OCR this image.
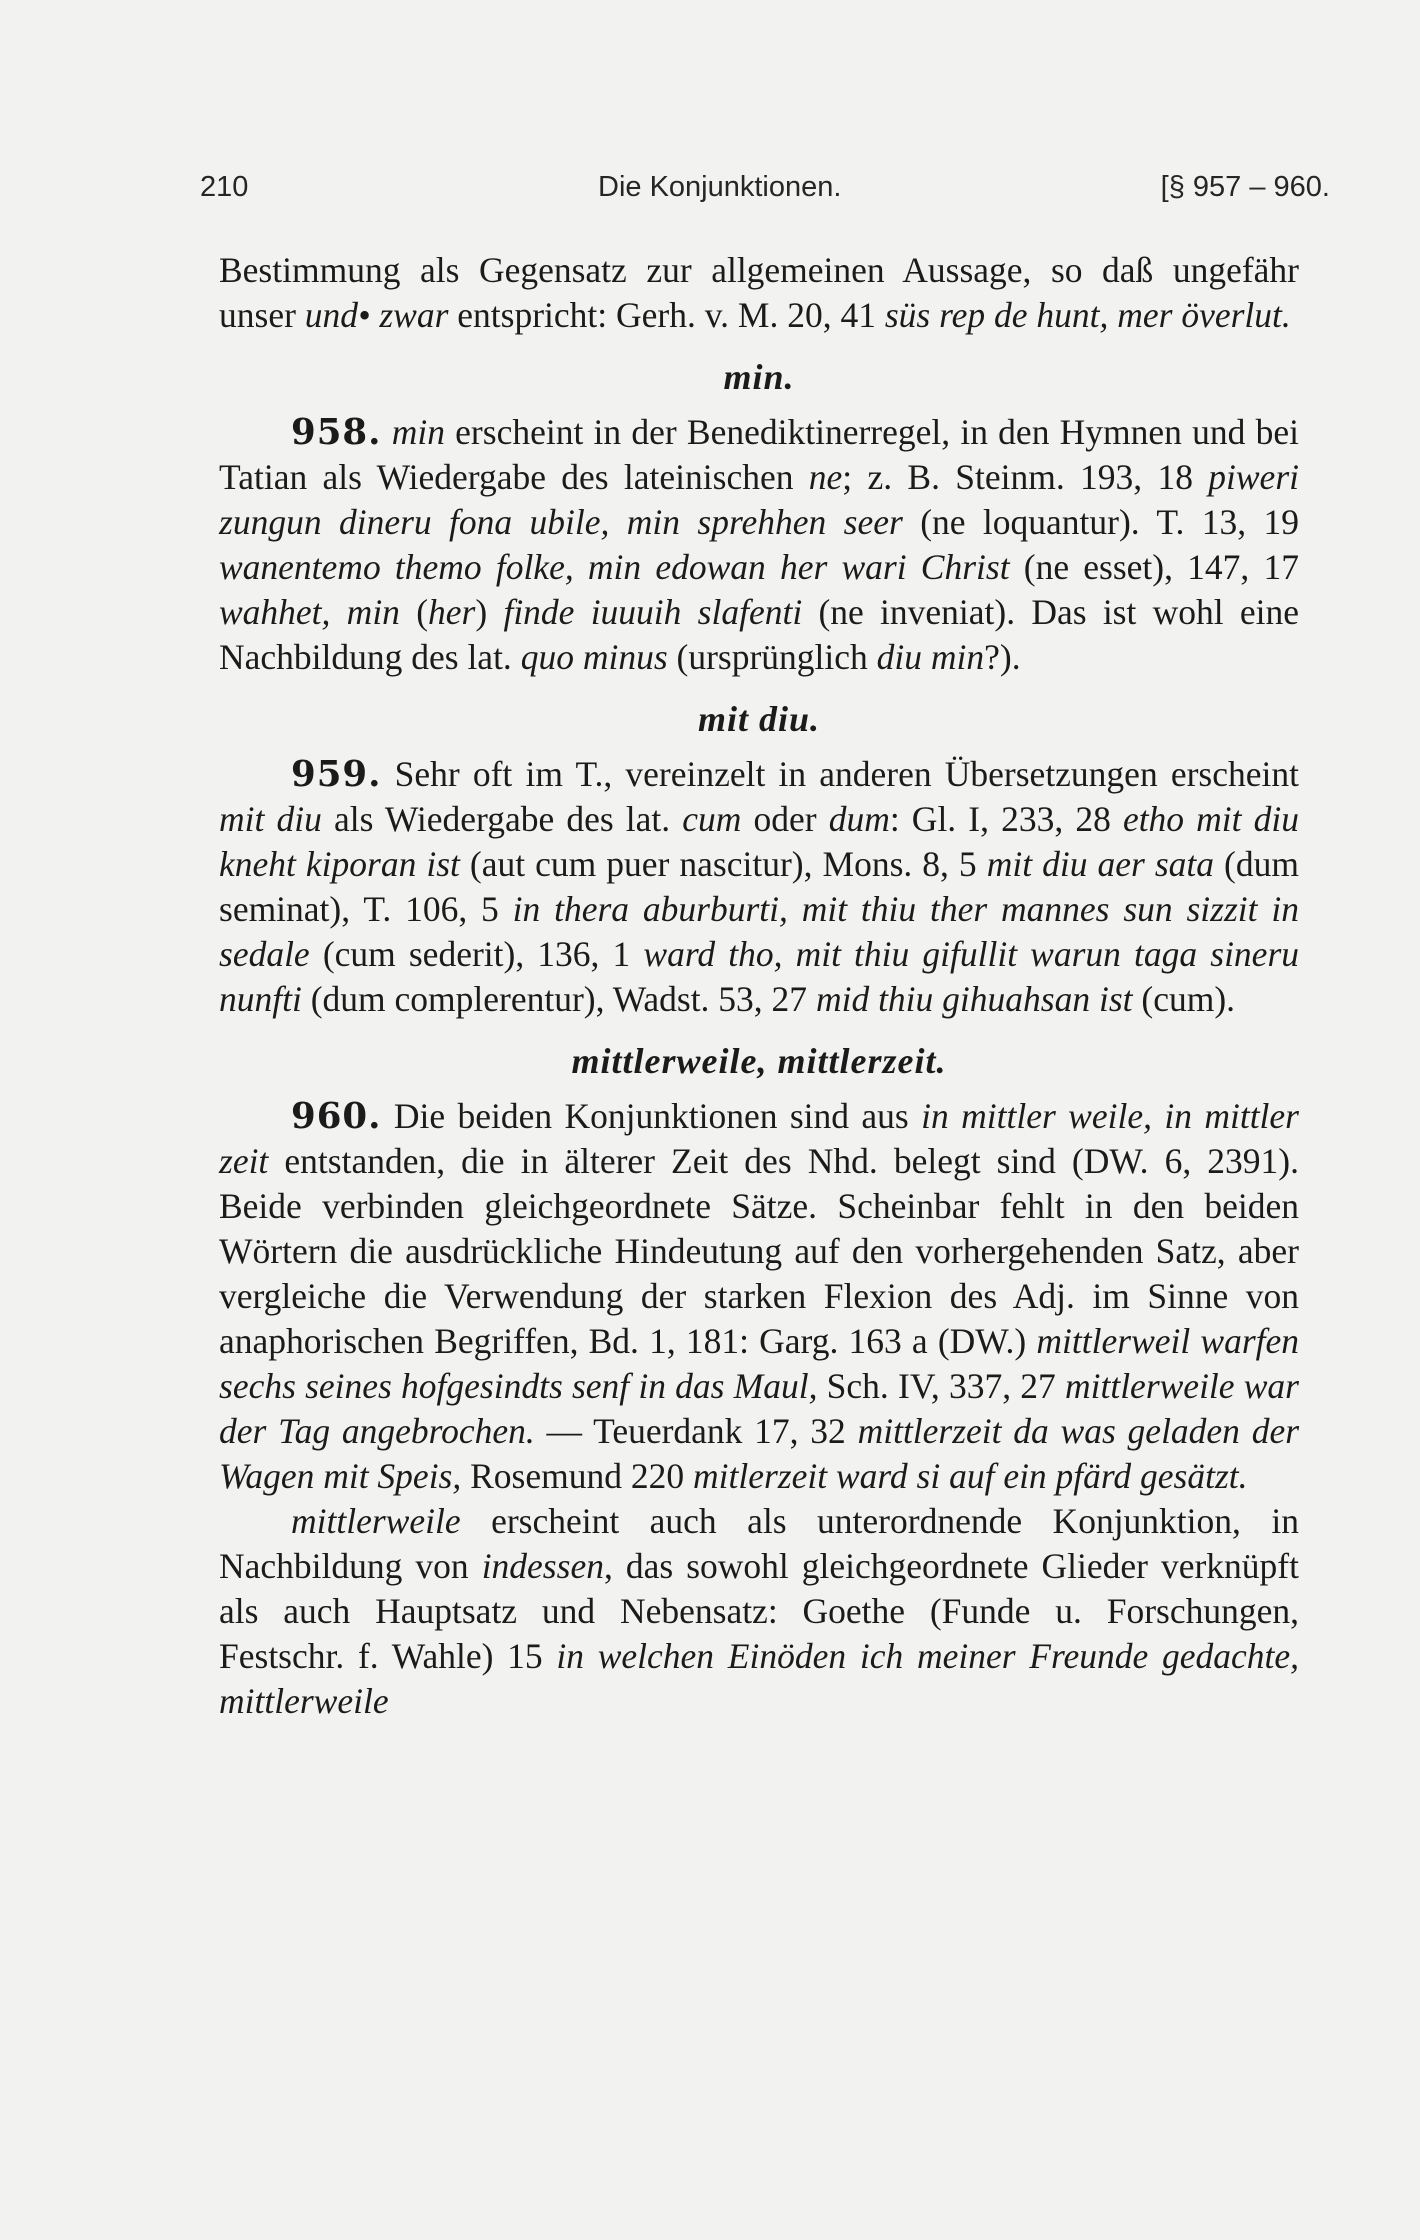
210	Die Konjunktionen.	[§ 957 – 960.

Bestimmung als Gegensatz zur allgemeinen Aussage, so daß ungefähr unser und• zwar entspricht: Gerh. v. M. 20, 41 süs rep de hunt, mer överlut.

min.

958. min erscheint in der Benediktinerregel, in den Hymnen und bei Tatian als Wiedergabe des lateinischen ne; z. B. Steinm. 193, 18 piweri zungun dineru fona ubile, min sprehhen seer (ne loquantur). T. 13, 19 wanentemo themo folke, min edowan her wari Christ (ne esset), 147, 17 wahhet, min (her) finde iuuuih slafenti (ne inveniat). Das ist wohl eine Nachbildung des lat. quo minus (ursprünglich diu min?).

mit diu.

959. Sehr oft im T., vereinzelt in anderen Übersetzungen erscheint mit diu als Wiedergabe des lat. cum oder dum: Gl. I, 233, 28 etho mit diu kneht kiporan ist (aut cum puer nascitur), Mons. 8, 5 mit diu aer sata (dum seminat), T. 106, 5 in thera aburburti, mit thiu ther mannes sun sizzit in sedale (cum sederit), 136, 1 ward tho, mit thiu gifullit warun taga sineru nunfti (dum complerentur), Wadst. 53, 27 mid thiu gihuahsan ist (cum).

mittlerweile, mittlerzeit.

960. Die beiden Konjunktionen sind aus in mittler weile, in mittler zeit entstanden, die in älterer Zeit des Nhd. belegt sind (DW. 6, 2391). Beide verbinden gleichgeordnete Sätze. Scheinbar fehlt in den beiden Wörtern die ausdrückliche Hindeutung auf den vorhergehenden Satz, aber vergleiche die Verwendung der starken Flexion des Adj. im Sinne von anaphorischen Begriffen, Bd. 1, 181: Garg. 163 a (DW.) mittlerweil warfen sechs seines hofgesindts senf in das Maul, Sch. IV, 337, 27 mittlerweile war der Tag angebrochen. — Teuerdank 17, 32 mittlerzeit da was geladen der Wagen mit Speis, Rosemund 220 mitlerzeit ward si auf ein pfärd gesätzt.

mittlerweile erscheint auch als unterordnende Konjunktion, in Nachbildung von indessen, das sowohl gleichgeordnete Glieder verknüpft als auch Hauptsatz und Nebensatz: Goethe (Funde u. Forschungen, Festschr. f. Wahle) 15 in welchen Einöden ich meiner Freunde gedachte, mittlerweile
